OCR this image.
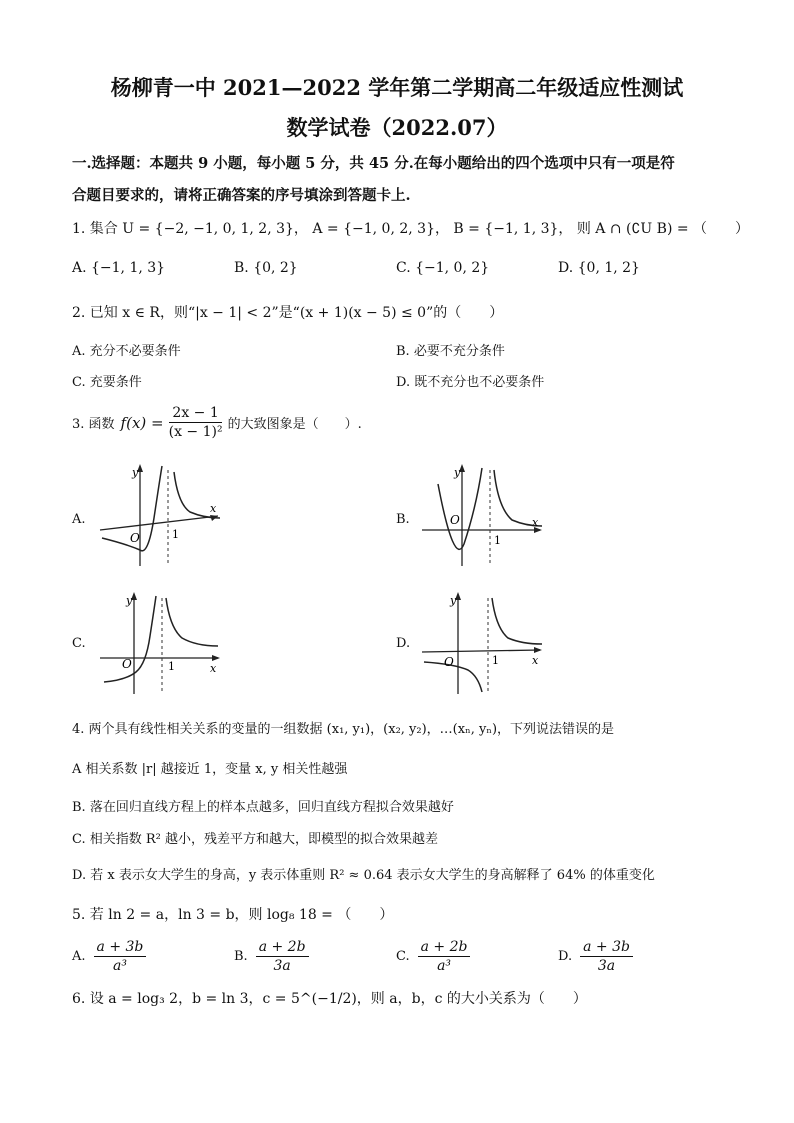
杨柳青一中 2021—2022 学年第二学期高二年级适应性测试
数学试卷（2022.07）
一.选择题：本题共 9 小题，每小题 5 分，共 45 分.在每小题给出的四个选项中只有一项是符
合题目要求的，请将正确答案的序号填涂到答题卡上.
1. 集合 U = {−2, −1, 0, 1, 2, 3}， A = {−1, 0, 2, 3}， B = {−1, 1, 3}， 则 A ∩ (∁U B) = （　　）
A. {−1, 1, 3}	B. {0, 2}	C. {−1, 0, 2}	D. {0, 1, 2}
2. 已知 x ∈ R，则“|x − 1| < 2”是“(x + 1)(x − 5) ≤ 0”的（　　）
A. 充分不必要条件	B. 必要不充分条件
C. 充要条件	D. 既不充分也不必要条件
3. 函数 $f(x) = \frac{2x - 1}{\text{(x − 1)²}}$ 的大致图象是（　　）.
A.	B.
C.	D.
y
x
O	1
y
x
O
1
y
x
O	1
y
x
O	1
4. 两个具有线性相关关系的变量的一组数据 (x₁, y₁)，(x₂, y₂)，…(xₙ, yₙ)，下列说法错误的是
A 相关系数 |r| 越接近 1，变量 x, y 相关性越强
B. 落在回归直线方程上的样本点越多，回归直线方程拟合效果越好
C. 相关指数 R² 越小，残差平方和越大，即模型的拟合效果越差
D. 若 x 表示女大学生的身高，y 表示体重则 R² ≈ 0.64 表示女大学生的身高解释了 64% 的体重变化
5. 若 ln 2 = a，ln 3 = b，则 log₈ 18 = （　　）
A. $\frac{a + 3b}{\text{a³}}$	B. $\frac{a + 2b}{3a}$	C. $\frac{a + 2b}{\text{a³}}$	D. $\frac{a + 3b}{3a}$
6. 设 a = log₃ 2，b = ln 3，c = 5^(−1/2)，则 a，b，c 的大小关系为（　　）
